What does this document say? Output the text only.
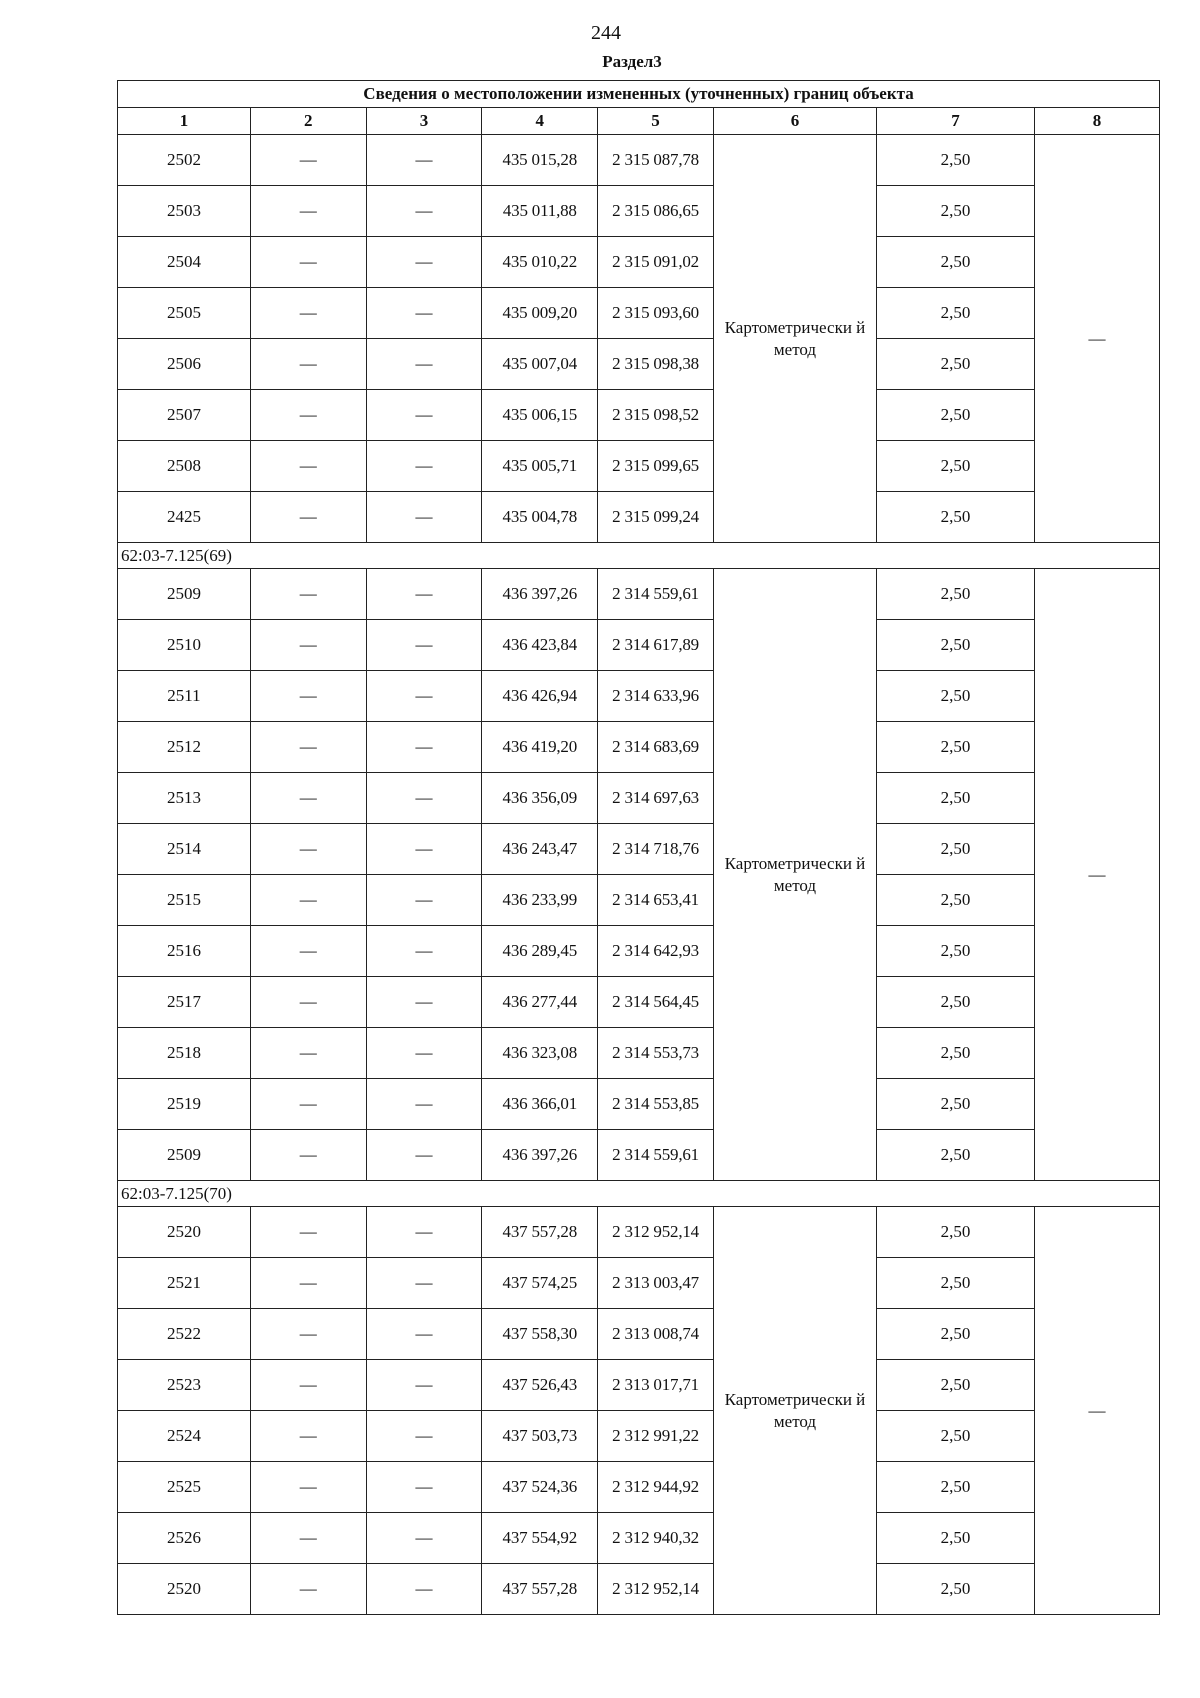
244
Раздел3
Сведения о местоположении измененных (уточненных) границ объекта							
1	2	3	4	5	6	7	8
2502	—	—	435 015,28	2 315 087,78	Картометрически й метод	2,50	—
2503	—	—	435 011,88	2 315 086,65		2,50	
2504	—	—	435 010,22	2 315 091,02		2,50	
2505	—	—	435 009,20	2 315 093,60		2,50	
2506	—	—	435 007,04	2 315 098,38		2,50	
2507	—	—	435 006,15	2 315 098,52		2,50	
2508	—	—	435 005,71	2 315 099,65		2,50	
2425	—	—	435 004,78	2 315 099,24		2,50	
62:03-7.125(69)							
2509	—	—	436 397,26	2 314 559,61	Картометрически й метод	2,50	—
2510	—	—	436 423,84	2 314 617,89		2,50	
2511	—	—	436 426,94	2 314 633,96		2,50	
2512	—	—	436 419,20	2 314 683,69		2,50	
2513	—	—	436 356,09	2 314 697,63		2,50	
2514	—	—	436 243,47	2 314 718,76		2,50	
2515	—	—	436 233,99	2 314 653,41		2,50	
2516	—	—	436 289,45	2 314 642,93		2,50	
2517	—	—	436 277,44	2 314 564,45		2,50	
2518	—	—	436 323,08	2 314 553,73		2,50	
2519	—	—	436 366,01	2 314 553,85		2,50	
2509	—	—	436 397,26	2 314 559,61		2,50	
62:03-7.125(70)							
2520	—	—	437 557,28	2 312 952,14	Картометрически й метод	2,50	—
2521	—	—	437 574,25	2 313 003,47		2,50	
2522	—	—	437 558,30	2 313 008,74		2,50	
2523	—	—	437 526,43	2 313 017,71		2,50	
2524	—	—	437 503,73	2 312 991,22		2,50	
2525	—	—	437 524,36	2 312 944,92		2,50	
2526	—	—	437 554,92	2 312 940,32		2,50	
2520	—	—	437 557,28	2 312 952,14		2,50	
